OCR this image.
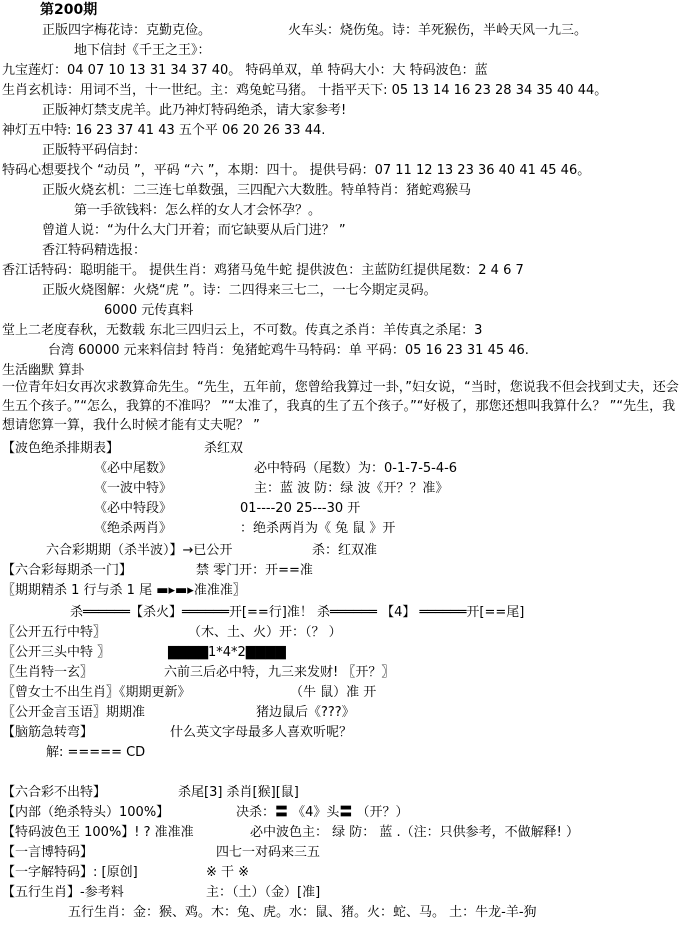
第200期
正版四字梅花诗：克勤克俭。	火车头：烧伤兔。诗：羊死猴伤，半岭天风一九三。
地下信封《千王之王》：
九宝莲灯：04 07 10 13 31 34 37 40。 特码单双，单 特码大小：大 特码波色：蓝
生肖玄机诗：用词不当，十一世纪。主：鸡兔蛇马猪。 十指平天下: 05 13 14 16 23 28 34 35 40 44。
正版神灯禁支虎羊。此乃神灯特码绝杀，请大家参考!
神灯五中特: 16 23 37 41 43 五个平 06 20 26 33 44.
正版特平码信封：
特码心想要找个 “动员 ”，平码 “六 ”，本期：四十。 提供号码：07 11 12 13 23 36 40 41 45 46。
正版火烧玄机：二三连七单数强，三四配六大数胜。特单特肖：猪蛇鸡猴马
第一手欲钱料：怎么样的女人才会怀孕？。
曾道人说：“为什么大门开着；而它缺要从后门进？ ”
香江特码精选报：
香江话特码：聪明能干。 提供生肖：鸡猪马兔牛蛇 提供波色：主蓝防红提供尾数：2 4 6 7
正版火烧图解：火烧“虎 ”。诗：二四得来三七二，一七今期定灵码。
6000 元传真料
堂上二老度春秋，无数载 东北三四归云上，不可数。传真之杀肖：羊传真之杀尾：3
台湾 60000 元来料信封 特肖：兔猪蛇鸡牛马特码：单 平码：05 16 23 31 45 46.
生活幽默 算卦
一位青年妇女再次求教算命先生。“先生，五年前，您曾给我算过一卦，”妇女说，“当时，您说我不但会找到丈夫，还会生五个孩子。”“怎么，我算的不准吗？ ”“太准了，我真的生了五个孩子。”“好极了，那您还想叫我算什么？ ”“先生，我想请您算一算，我什么时候才能有丈夫呢？ ”
【波色绝杀排期表】	杀红双
《必中尾数》	必中特码（尾数）为：0-1-7-5-4-6
《一波中特》	主：蓝 波 防：绿 波《开？？准》
《必中特段》	01----20 25---30 开
《绝杀两肖》	：绝杀两肖为《 兔 鼠 》开
六合彩期期（杀半波）】→已公开	杀：红双准
【六合彩每期杀一门】	禁 零门开：开==准
〖期期精杀 1 行与杀 1 尾 ▬▸▬▸准准准〗
杀══════【杀火】══════开[==行]准！ 杀══════ 【4】 ══════开[==尾]
〖公开五行中特〗	（木、土、火）开：（？ ）
〖公开三头中特 〗	▇▇▇▇1*4*2▇▇▇▇
〖生肖特一玄〗	六前三后必中特，九三来发财! 〖开？〗
〖曾女士不出生肖〗《期期更新》	（牛 鼠）准 开
〖公开金言玉语〗期期准	猪边鼠后《???》
【脑筋急转弯】	什么英文字母最多人喜欢听呢？
解: ===== CD
【六合彩不出特】	杀尾[3] 杀肖[猴][鼠]
【内部（绝杀特头）100%】	决杀：〓 《4》头〓 （开？）
【特码波色王 100%】! ? 准准准	必中波色主： 绿 防： 蓝 .（注：只供参考，不做解释! ）
【一言博特码】	四七一对码来三五
【一字解特码】: [原创]	※ 干 ※
【五行生肖】-参考料	主：（土）（金）[准]
五行生肖：金：猴、鸡。木：兔、虎。水：鼠、猪。火：蛇、马。 土：牛龙-羊-狗
